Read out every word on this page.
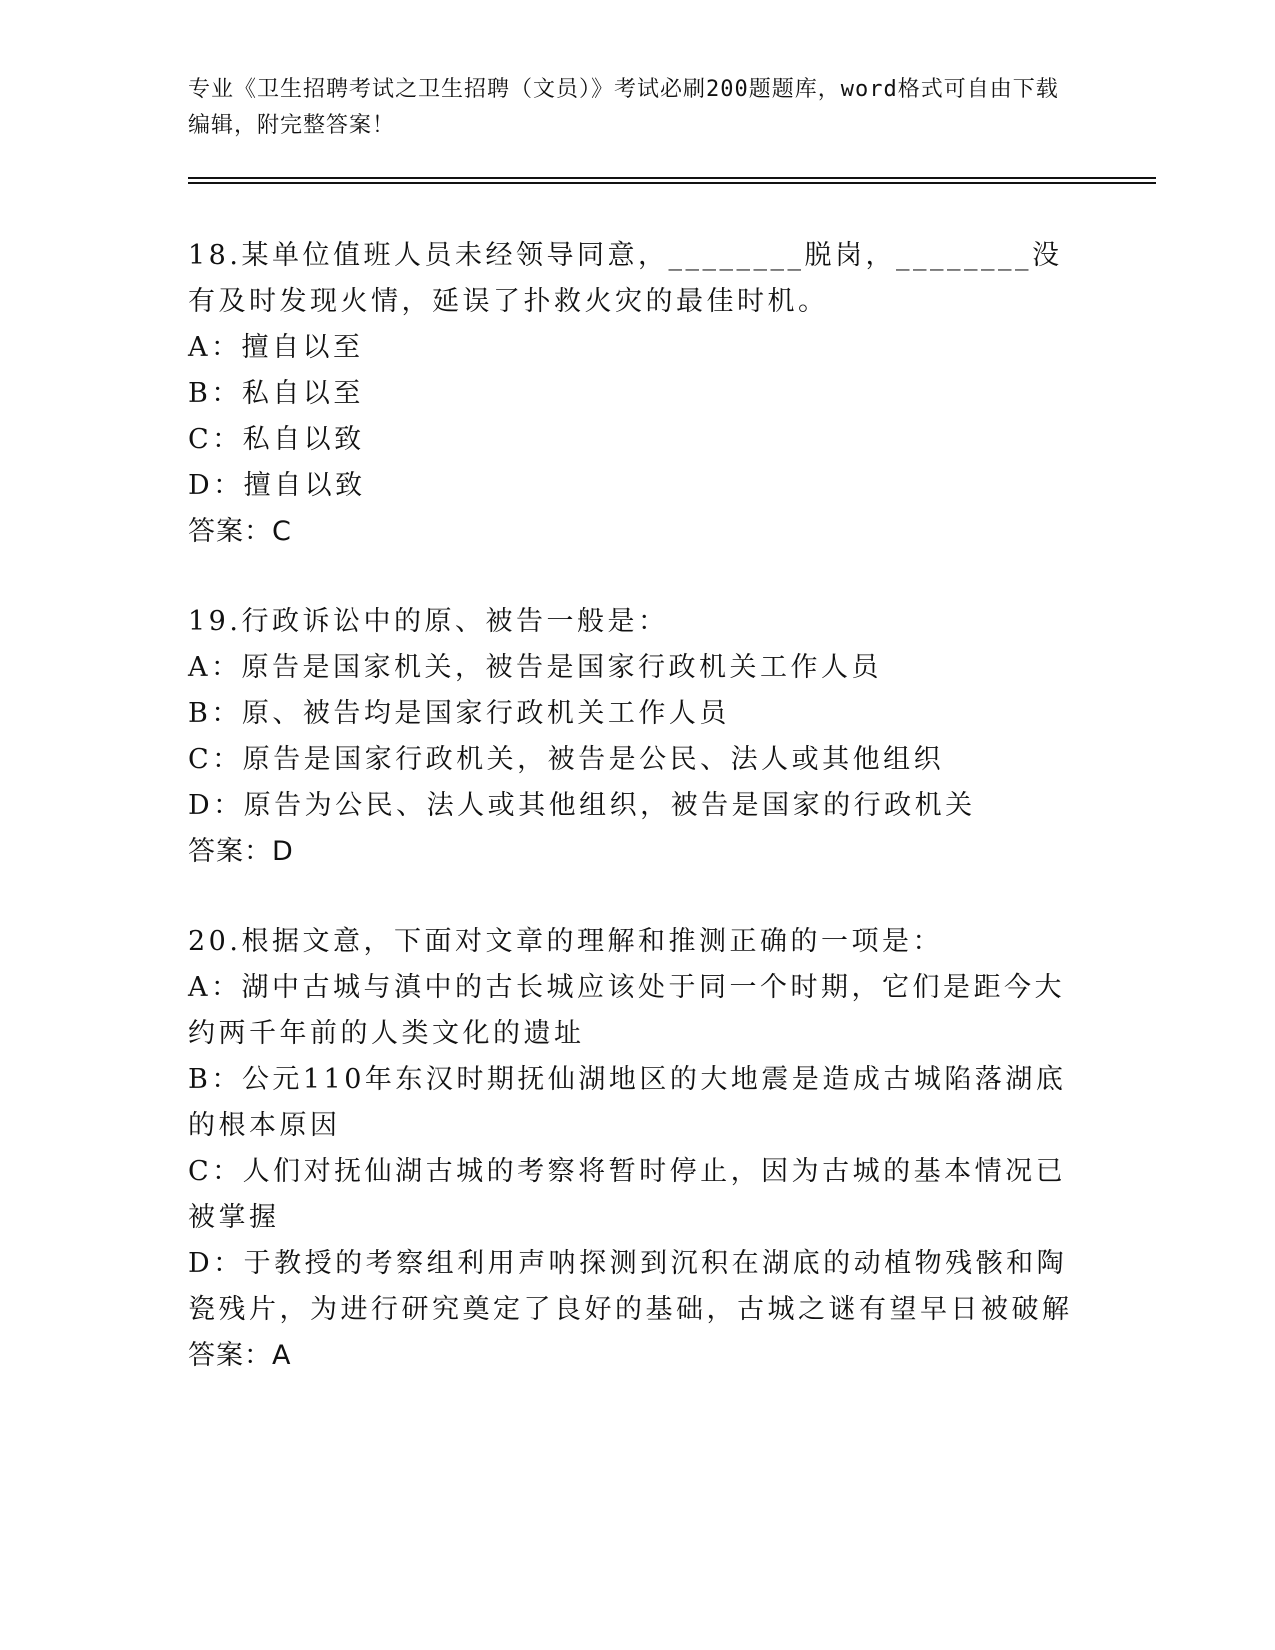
专业《卫生招聘考试之卫生招聘（文员）》考试必刷200题题库，word格式可自由下载编辑，附完整答案！

18.某单位值班人员未经领导同意，________脱岗，________没有及时发现火情，延误了扑救火灾的最佳时机。

A：擅自以至

B：私自以至

C：私自以致

D：擅自以致

答案：C

19.行政诉讼中的原、被告一般是：

A：原告是国家机关，被告是国家行政机关工作人员

B：原、被告均是国家行政机关工作人员

C：原告是国家行政机关，被告是公民、法人或其他组织

D：原告为公民、法人或其他组织，被告是国家的行政机关

答案：D

20.根据文意，下面对文章的理解和推测正确的一项是：

A：湖中古城与滇中的古长城应该处于同一个时期，它们是距今大约两千年前的人类文化的遗址

B：公元110年东汉时期抚仙湖地区的大地震是造成古城陷落湖底的根本原因

C：人们对抚仙湖古城的考察将暂时停止，因为古城的基本情况已被掌握

D：于教授的考察组利用声呐探测到沉积在湖底的动植物残骸和陶瓷残片，为进行研究奠定了良好的基础，古城之谜有望早日被破解

答案：A
